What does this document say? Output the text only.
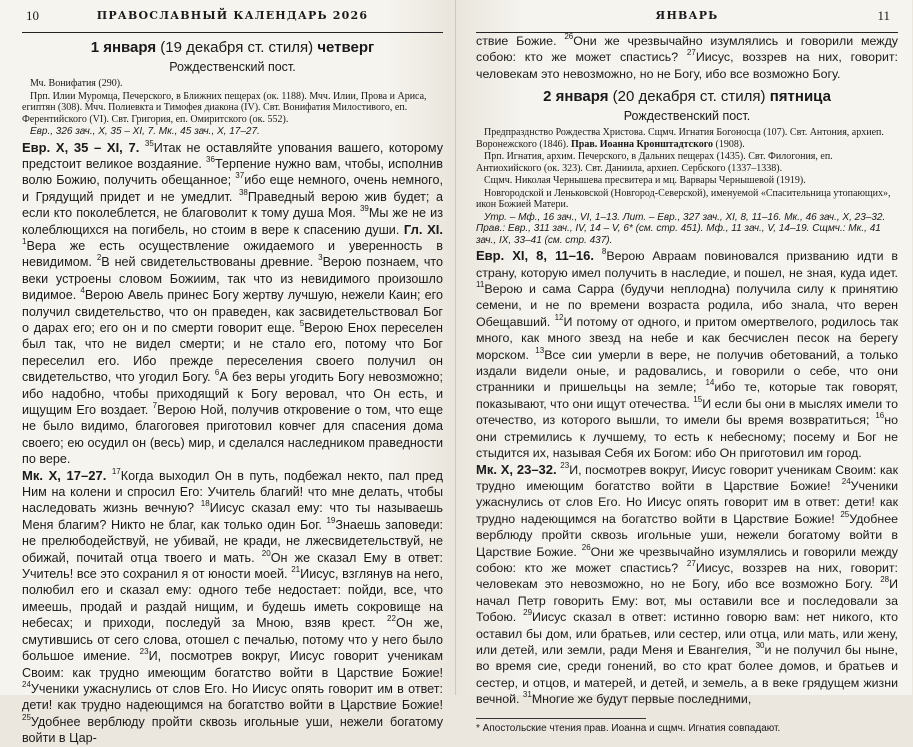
10	ПРАВОСЛАВНЫЙ КАЛЕНДАРЬ 2026
1 января (19 декабря ст. стиля) четверг
Рождественский пост.

Мч. Вонифатия (290).

Прп. Илии Муромца, Печерского, в Ближних пещерах (ок. 1188). Мчч. Илии, Прова и Ариса, египтян (308). Мчч. Полиевкта и Тимофея диакона (IV). Свт. Вонифатия Милостивого, еп. Ферентийского (VI). Свт. Григория, еп. Омиритского (ок. 552).

Евр., 326 зач., X, 35 – XI, 7. Мк., 45 зач., X, 17–27.

Евр. X, 35 – XI, 7. $^{35}$Итак не оставляйте упования вашего, которому предстоит великое воздаяние. $^{36}$Терпение нужно вам, чтобы, исполнив волю Божию, получить обещанное; $^{37}$ибо еще немного, очень немного, и Грядущий придет и не умедлит. $^{38}$Праведный верою жив будет; а если кто поколеблется, не благоволит к тому душа Моя. $^{39}$Мы же не из колеблющихся на погибель, но стоим в вере к спасению души. Гл. XI. $^1$Вера же есть осуществление ожидаемого и уверенность в невидимом. $^2$В ней свидетельствованы древние. $^3$Верою познаем, что веки устроены словом Божиим, так что из невидимого произошло видимое. $^4$Верою Авель принес Богу жертву лучшую, нежели Каин; его получил свидетельство, что он праведен, как засвидетельствовал Бог о дарах его; его он и по смерти говорит еще. $^5$Верою Енох переселен был так, что не видел смерти; и не стало его, потому что Бог переселил его. Ибо прежде переселения своего получил он свидетельство, что угодил Богу. $^6$А без веры угодить Богу невозможно; ибо надобно, чтобы приходящий к Богу веровал, что Он есть, и ищущим Его воздает. $^7$Верою Ной, получив откровение о том, что еще не было видимо, благоговея приготовил ковчег для спасения дома своего; ею осудил он (весь) мир, и сделался наследником праведности по вере.

Мк. X, 17–27. $^{17}$Когда выходил Он в путь, подбежал некто, пал пред Ним на колени и спросил Его: Учитель благий! что мне делать, чтобы наследовать жизнь вечную? $^{18}$Иисус сказал ему: что ты называешь Меня благим? Никто не благ, как только один Бог. $^{19}$Знаешь заповеди: не прелюбодействуй, не убивай, не кради, не лжесвидетельствуй, не обижай, почитай отца твоего и мать. $^{20}$Он же сказал Ему в ответ: Учитель! все это сохранил я от юности моей. $^{21}$Иисус, взглянув на него, полюбил его и сказал ему: одного тебе недостает: пойди, все, что имеешь, продай и раздай нищим, и будешь иметь сокровище на небесах; и приходи, последуй за Мною, взяв крест. $^{22}$Он же, смутившись от сего слова, отошел с печалью, потому что у него было большое имение. $^{23}$И, посмотрев вокруг, Иисус говорит ученикам Своим: как трудно имеющим богатство войти в Царствие Божие! $^{24}$Ученики ужаснулись от слов Его. Но Иисус опять говорит им в ответ: дети! как трудно надеющимся на богатство войти в Царствие Божие! $^{25}$Удобнее верблюду пройти сквозь игольные уши, нежели богатому войти в Цар-

ЯНВАРЬ	11

ствие Божие. $^{26}$Они же чрезвычайно изумлялись и говорили между собою: кто же может спастись? $^{27}$Иисус, воззрев на них, говорит: человекам это невозможно, но не Богу, ибо все возможно Богу.

2 января (20 декабря ст. стиля) пятница
Рождественский пост.

Предпразднство Рождества Христова. Сщмч. Игнатия Богоносца (107). Свт. Антония, архиеп. Воронежского (1846). Прав. Иоанна Кронштадтского (1908).

Прп. Игнатия, архим. Печерского, в Дальних пещерах (1435). Свт. Филогония, еп. Антиохийского (ок. 323). Свт. Даниила, архиеп. Сербского (1337–1338).

Сщмч. Николая Чернышева пресвитера и мц. Варвары Чернышевой (1919).

Новгородской и Леньковской (Новгород-Северской), именуемой «Спасительница утопающих», икон Божией Матери.

Утр. – Мф., 16 зач., VI, 1–13. Лит. – Евр., 327 зач., XI, 8, 11–16. Мк., 46 зач., X, 23–32. Прав.: Евр., 311 зач., IV, 14 – V, 6* (см. стр. 451). Мф., 11 зач., V, 14–19. Сщмч.: Мк., 41 зач., IX, 33–41 (см. стр. 437).

Евр. XI, 8, 11–16. $^8$Верою Авраам повиновался призванию идти в страну, которую имел получить в наследие, и пошел, не зная, куда идет. $^{11}$Верою и сама Сарра (будучи неплодна) получила силу к принятию семени, и не по времени возраста родила, ибо знала, что верен Обещавший. $^{12}$И потому от одного, и притом омертвелого, родилось так много, как много звезд на небе и как бесчислен песок на берегу морском. $^{13}$Все сии умерли в вере, не получив обетований, а только издали видели оные, и радовались, и говорили о себе, что они странники и пришельцы на земле; $^{14}$ибо те, которые так говорят, показывают, что они ищут отечества. $^{15}$И если бы они в мыслях имели то отечество, из которого вышли, то имели бы время возвратиться; $^{16}$но они стремились к лучшему, то есть к небесному; посему и Бог не стыдится их, называя Себя их Богом: ибо Он приготовил им город.

Мк. X, 23–32. $^{23}$И, посмотрев вокруг, Иисус говорит ученикам Своим: как трудно имеющим богатство войти в Царствие Божие! $^{24}$Ученики ужаснулись от слов Его. Но Иисус опять говорит им в ответ: дети! как трудно надеющимся на богатство войти в Царствие Божие! $^{25}$Удобнее верблюду пройти сквозь игольные уши, нежели богатому войти в Царствие Божие. $^{26}$Они же чрезвычайно изумлялись и говорили между собою: кто же может спастись? $^{27}$Иисус, воззрев на них, говорит: человекам это невозможно, но не Богу, ибо все возможно Богу. $^{28}$И начал Петр говорить Ему: вот, мы оставили все и последовали за Тобою. $^{29}$Иисус сказал в ответ: истинно говорю вам: нет никого, кто оставил бы дом, или братьев, или сестер, или отца, или мать, или жену, или детей, или земли, ради Меня и Евангелия, $^{30}$и не получил бы ныне, во время сие, среди гонений, во сто крат более домов, и братьев и сестер, и отцов, и матерей, и детей, и земель, а в веке грядущем жизни вечной. $^{31}$Многие же будут первые последними,

* Апостольские чтения прав. Иоанна и сщмч. Игнатия совпадают.
